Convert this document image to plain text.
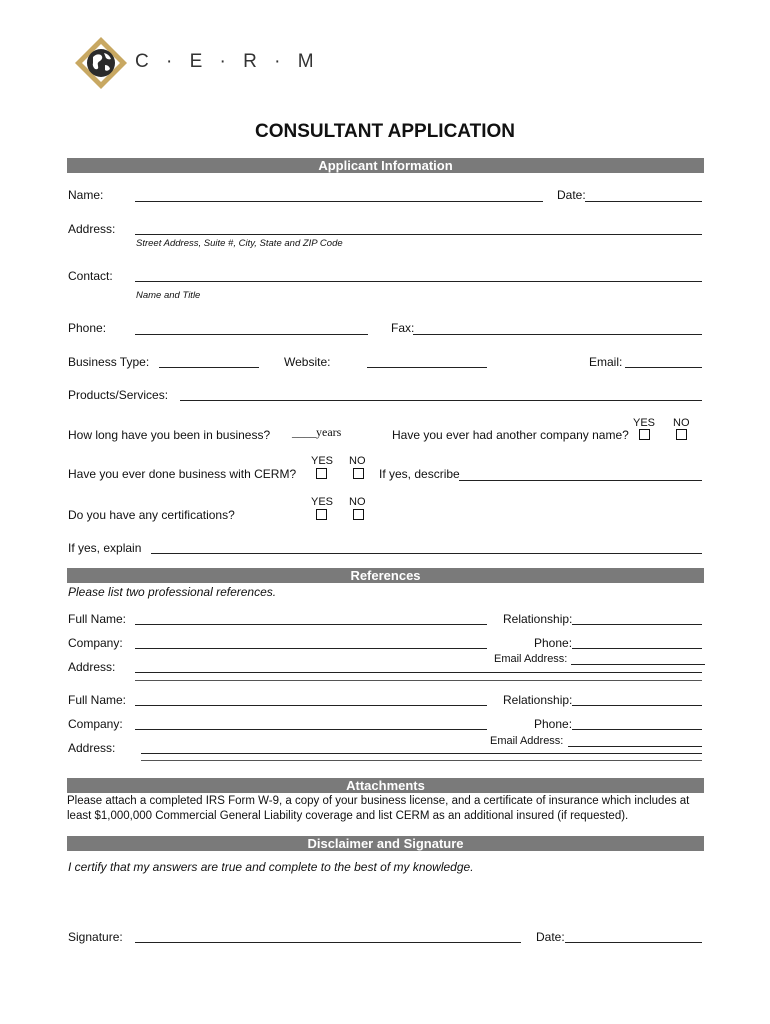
C · E · R · M
CONSULTANT APPLICATION
Applicant Information
Name:	Date:
Address:
Street Address, Suite #, City, State and ZIP Code
Contact:
Name and Title
Phone:	Fax:
Business Type:	Website:	Email:
Products/Services:
YES NO
How long have you been in business? ____years	Have you ever had another company name?
YES NO
Have you ever done business with CERM?	If yes, describe
YES NO
Do you have any certifications?
If yes, explain
References
Please list two professional references.
Full Name:	Relationship:
Company:	Phone:
Email Address:
Address:
Full Name:	Relationship:
Company:	Phone:
Email Address:
Address:
Attachments
Please attach a completed IRS Form W-9, a copy of your business license, and a certificate of insurance which includes at least $1,000,000 Commercial General Liability coverage and list CERM as an additional insured (if requested).
Disclaimer and Signature
I certify that my answers are true and complete to the best of my knowledge.
Signature:	Date:
